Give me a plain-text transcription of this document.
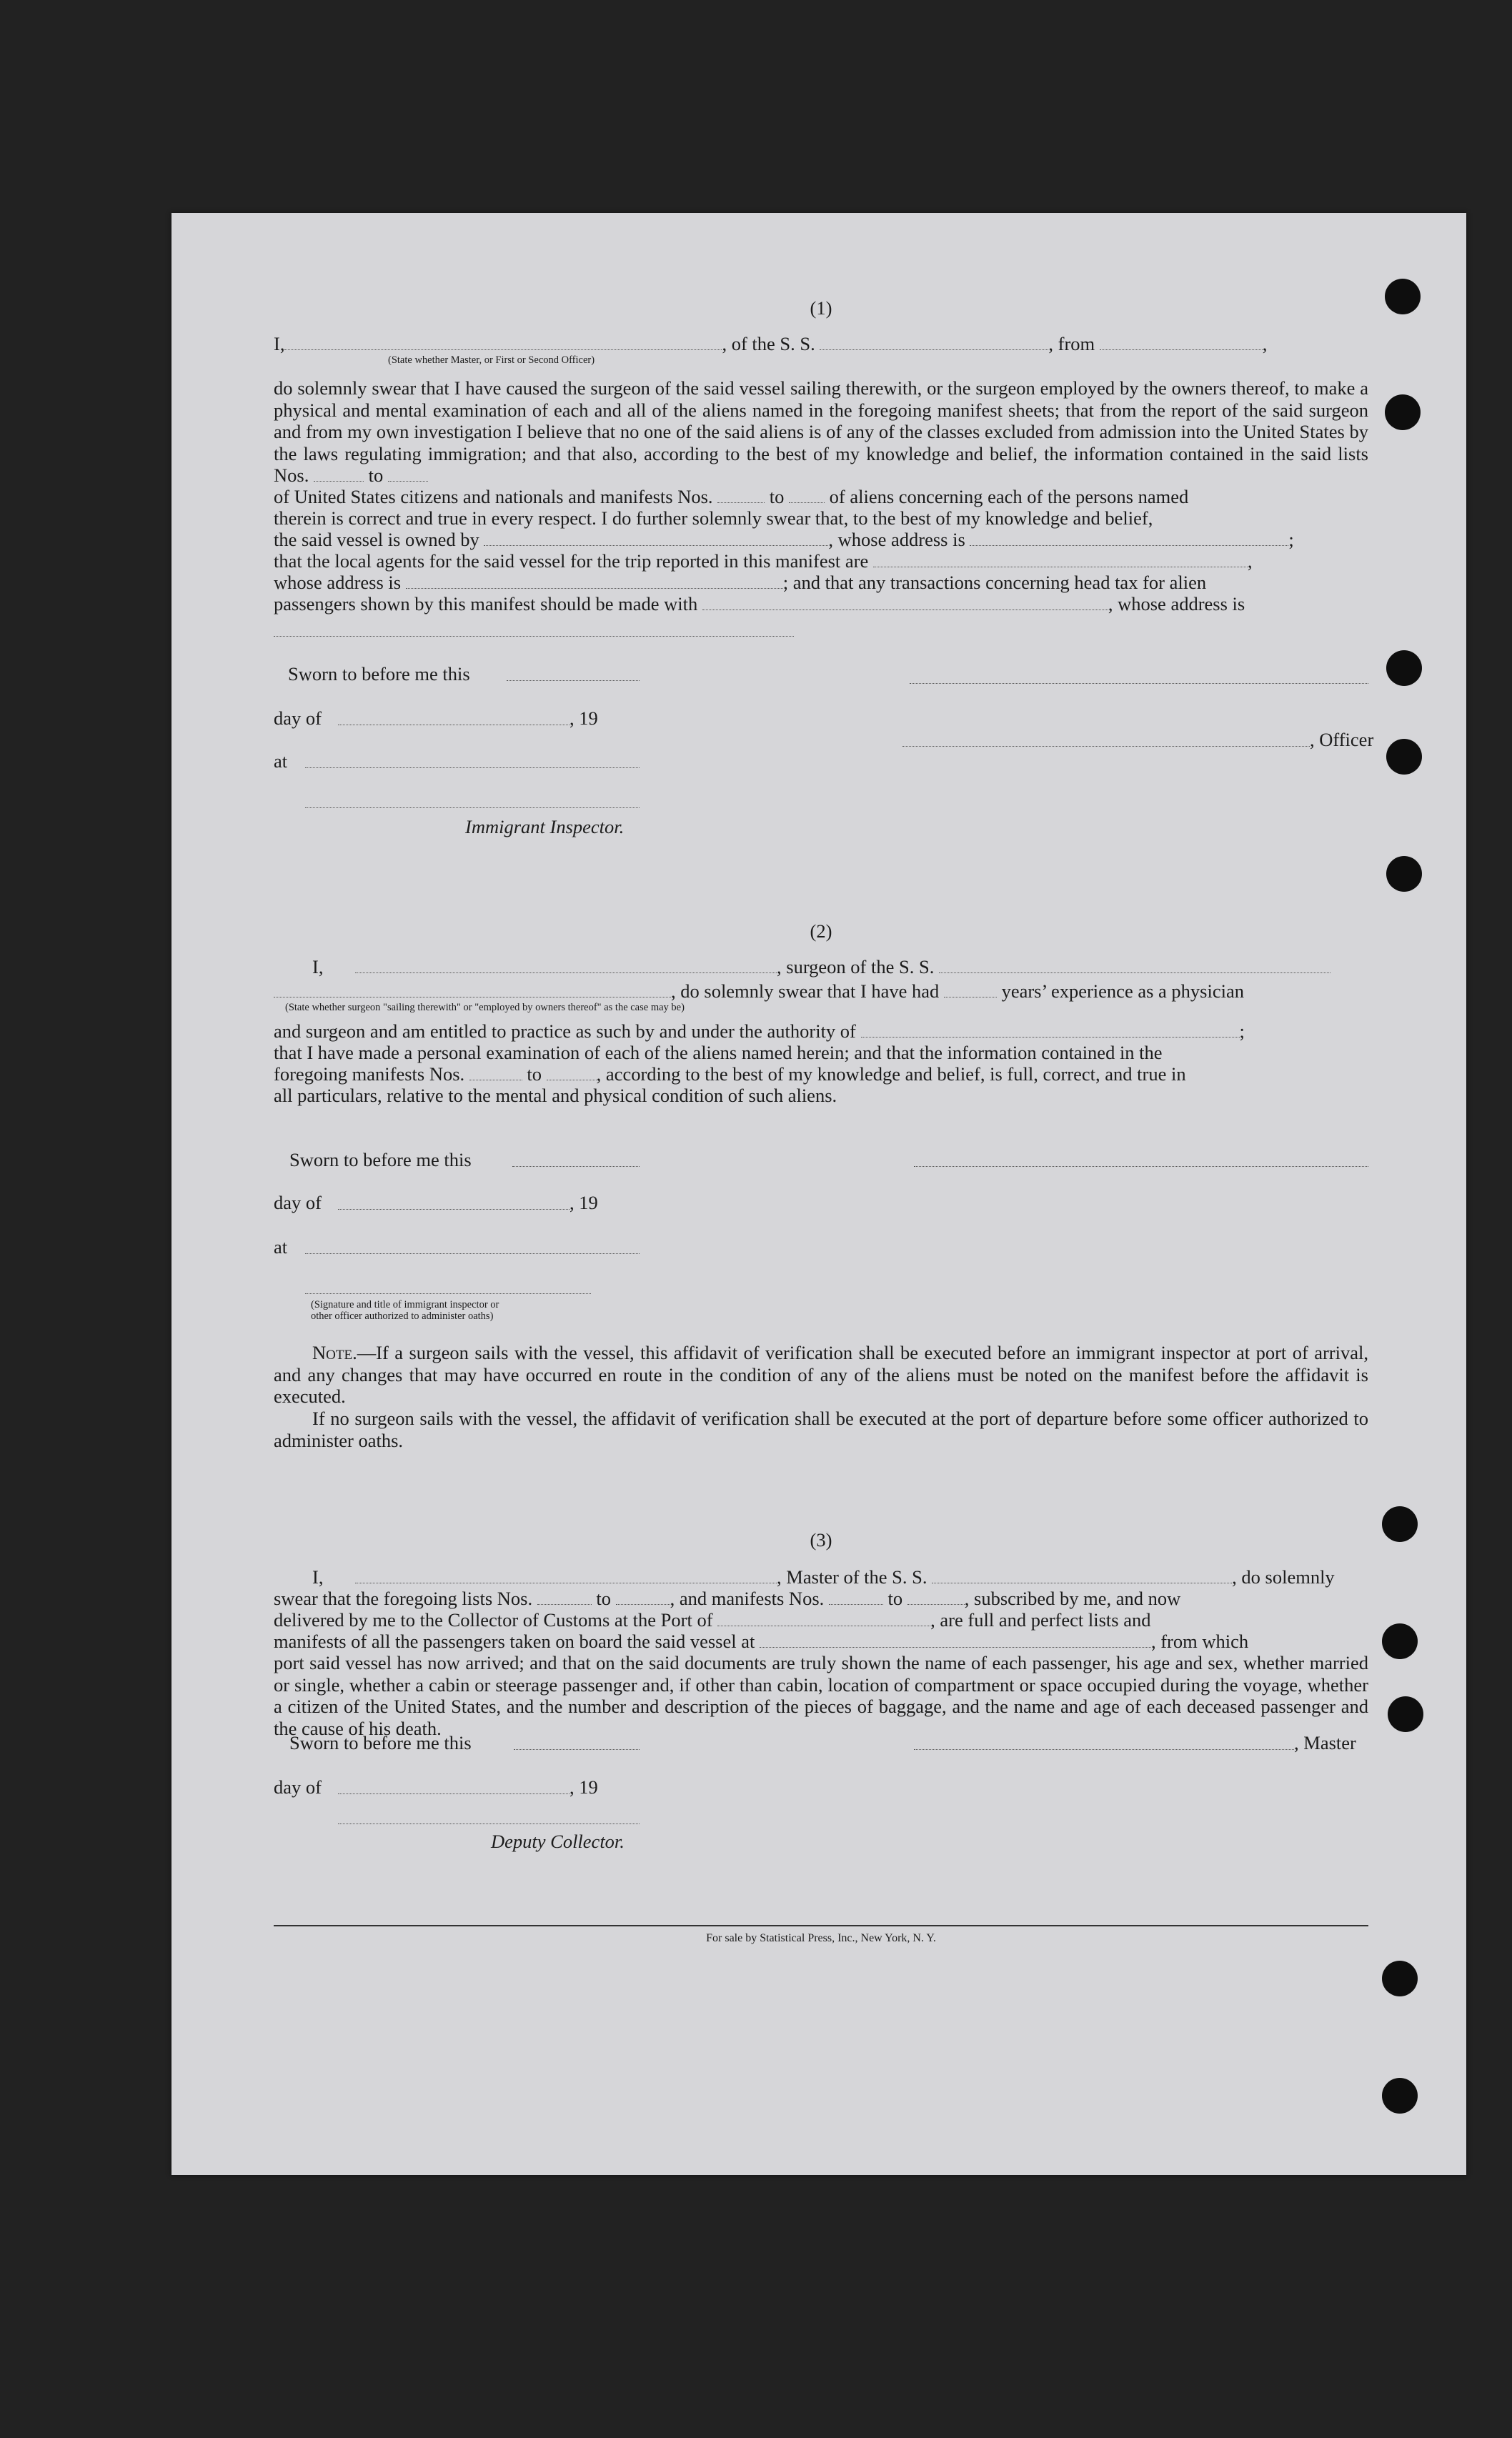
(1)
I,	, of the S. S.	, from	,
(State whether Master, or First or Second Officer)

do solemnly swear that I have caused the surgeon of the said vessel sailing therewith, or the surgeon employed by the owners thereof, to make a physical and mental examination of each and all of the aliens named in the foregoing manifest sheets; that from the report of the said surgeon and from my own investigation I believe that no one of the said aliens is of any of the classes excluded from admission into the United States by the laws regulating immigration; and that also, according to the best of my knowledge and belief, the information contained in the said lists Nos.	to

of United States citizens and nationals and manifests Nos.	to of aliens concerning each of the persons named
therein is correct and true in every respect. I do further solemnly swear that, to the best of my knowledge and belief,
the said vessel is owned by	, whose address is	;
that the local agents for the said vessel for the trip reported in this manifest are	,
whose address is	; and that any transactions concerning head tax for alien
passengers shown by this manifest should be made with	, whose address is
Sworn to before me this
day of	, 19
, Officer
at
Immigrant Inspector.
(2)
I,	, surgeon of the S. S.
, do solemnly swear that I have had	years’ experience as a physician
(State whether surgeon "sailing therewith" or "employed by owners thereof" as the case may be)
and surgeon and am entitled to practice as such by and under the authority of	;
that I have made a personal examination of each of the aliens named herein; and that the information contained in the
foregoing manifests Nos.	to	, according to the best of my knowledge and belief, is full, correct, and true in
all particulars, relative to the mental and physical condition of such aliens.
Sworn to before me this
day of	, 19
at
(Signature and title of immigrant inspector or
other officer authorized to administer oaths)

Note.—If a surgeon sails with the vessel, this affidavit of verification shall be executed before an immigrant inspector at port of arrival, and any changes that may have occurred en route in the condition of any of the aliens must be noted on the manifest before the affidavit is executed.

If no surgeon sails with the vessel, the affidavit of verification shall be executed at the port of departure before some officer authorized to administer oaths.

(3)
I,	, Master of the S. S.	, do solemnly
swear that the foregoing lists Nos.	to	, and manifests Nos.	to	, subscribed by me, and now
delivered by me to the Collector of Customs at the Port of	, are full and perfect lists and
manifests of all the passengers taken on board the said vessel at	, from which

port said vessel has now arrived; and that on the said documents are truly shown the name of each passenger, his age and sex, whether married or single, whether a cabin or steerage passenger and, if other than cabin, location of compartment or space occupied during the voyage, whether a citizen of the United States, and the number and description of the pieces of baggage, and the name and age of each deceased passenger and the cause of his death.

Sworn to before me this	, Master
day of	, 19
Deputy Collector.
For sale by Statistical Press, Inc., New York, N. Y.
